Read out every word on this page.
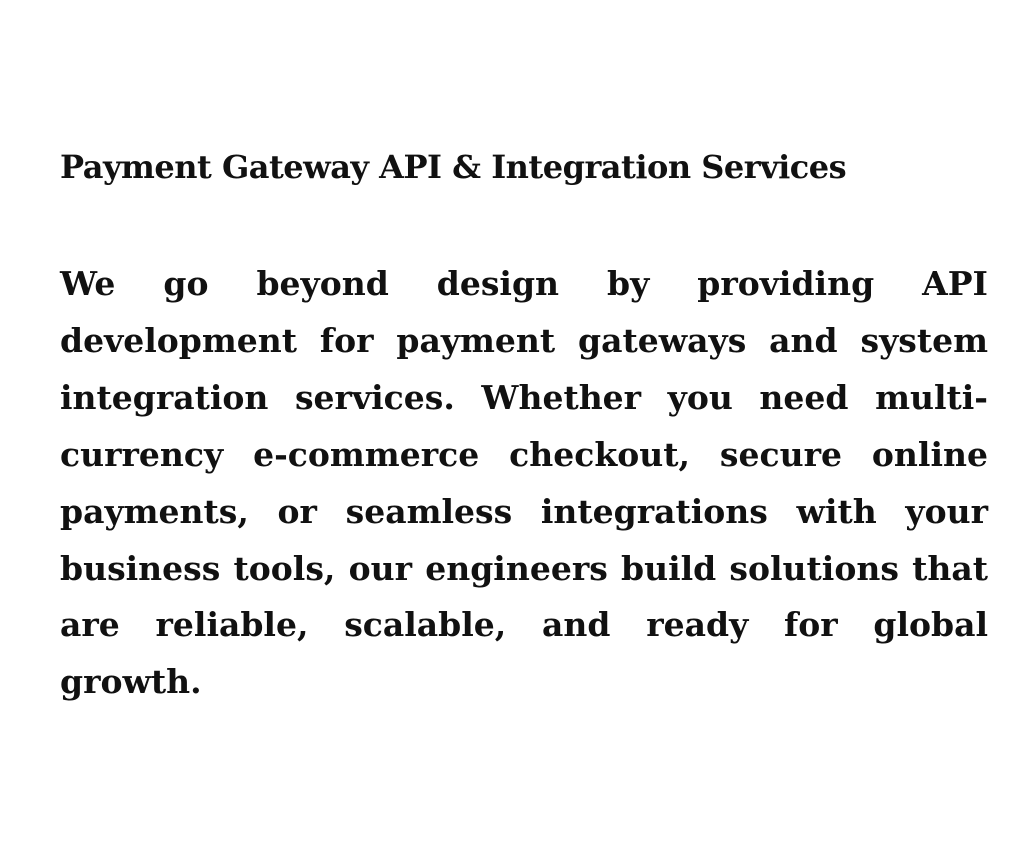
Payment Gateway API & Integration Services

We go beyond design by providing API development for payment gateways and system integration services. Whether you need multi-currency e-commerce checkout, secure online payments, or seamless integrations with your business tools, our engineers build solutions that are reliable, scalable, and ready for global growth.
